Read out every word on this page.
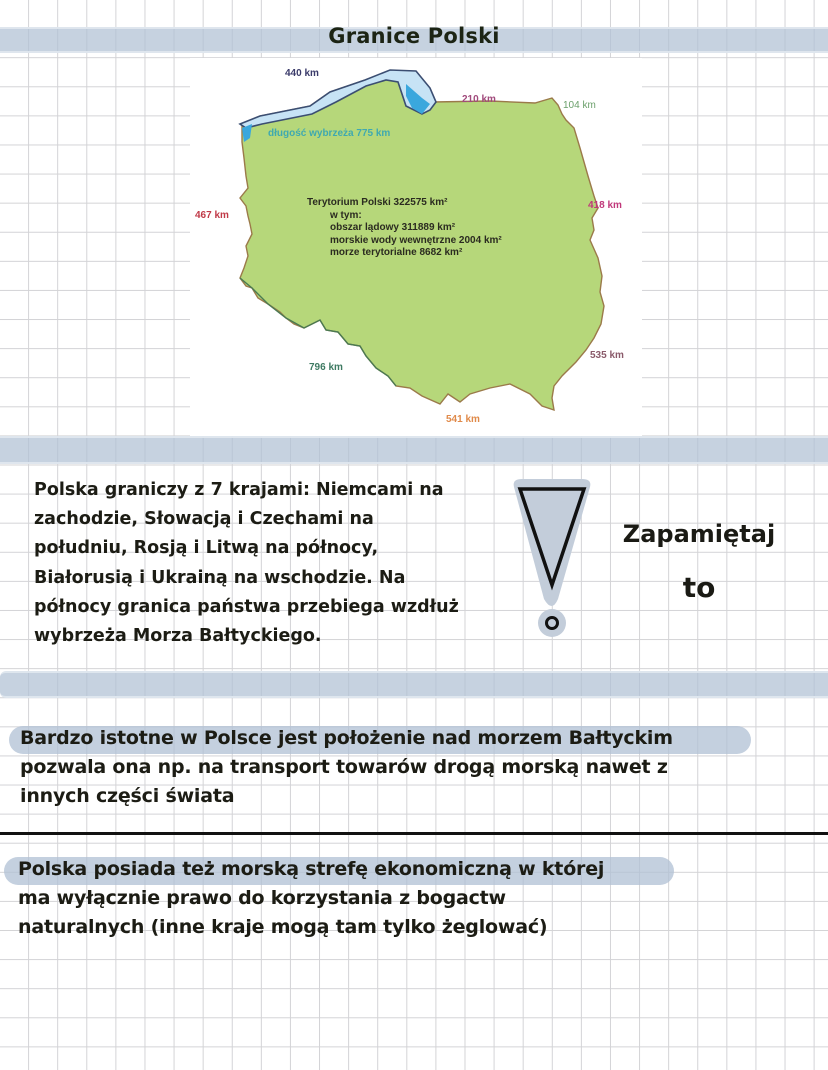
Granice Polski
440 km
210 km
104 km
długość wybrzeża 775 km
467 km
418 km
796 km
535 km
541 km
Terytorium Polski 322575 km²
w tym:
obszar lądowy 311889 km²
morskie wody wewnętrzne 2004 km²
morze terytorialne 8682 km²
Polska graniczy z 7 krajami: Niemcami na
zachodzie, Słowacją i Czechami na
południu, Rosją i Litwą na północy,
Białorusią i Ukrainą na wschodzie. Na
północy granica państwa przebiega wzdłuż
wybrzeża Morza Bałtyckiego.
Zapamiętaj
to
Bardzo istotne w Polsce jest położenie nad morzem Bałtyckim
pozwala ona np. na transport towarów drogą morską nawet z
innych części świata
Polska posiada też morską strefę ekonomiczną w której
ma wyłącznie prawo do korzystania z bogactw
naturalnych (inne kraje mogą tam tylko żeglować)
